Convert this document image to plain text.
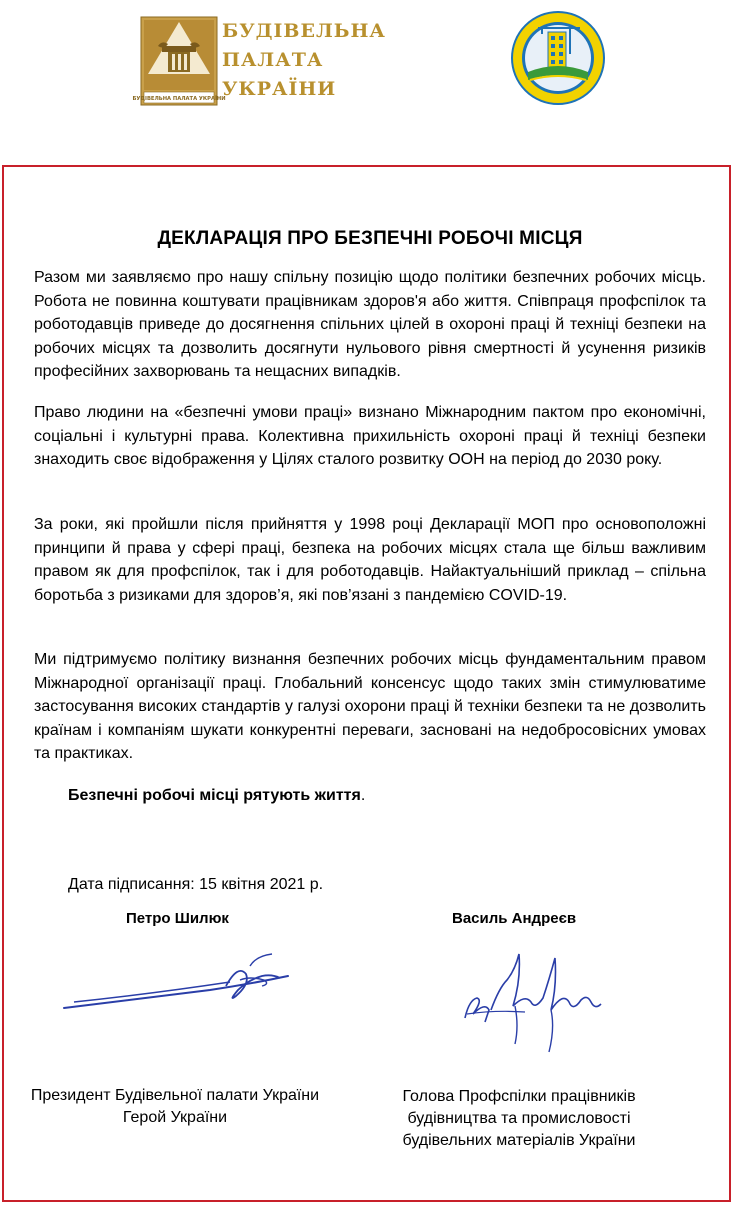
БУДІВЕЛЬНА ПАЛАТА УКРАЇНИ
БУДІВЕЛЬНА
ПАЛАТА
УКРАЇНИ
ДЕКЛАРАЦІЯ ПРО БЕЗПЕЧНІ РОБОЧІ МІСЦЯ

Разом ми заявляємо про нашу спільну позицію щодо політики безпечних робочих місць. Робота не повинна коштувати працівникам здоров'я або життя. Співпраця профспілок та роботодавців приведе до досягнення спільних цілей в охороні праці й техніці безпеки на робочих місцях та дозволить досягнути нульового рівня смертності й усунення ризиків професійних захворювань та нещасних випадків.

Право людини на «безпечні умови праці» визнано Міжнародним пактом про економічні, соціальні і культурні права. Колективна прихильність охороні праці й техніці безпеки знаходить своє відображення у Цілях сталого розвитку ООН на період до 2030 року.

За роки, які пройшли після прийняття у 1998 році Декларації МОП про основоположні принципи й права у сфері праці, безпека на робочих місцях стала ще більш важливим правом як для профспілок, так і для роботодавців. Найактуальніший приклад – спільна боротьба з ризиками для здоров’я, які пов’язані з пандемією COVID-19.

Ми підтримуємо політику визнання безпечних робочих місць фундаментальним правом Міжнародної організації праці. Глобальний консенсус щодо таких змін стимулюватиме застосування високих стандартів у галузі охорони праці й техніки безпеки та не дозволить країнам і компаніям шукати конкурентні переваги, засновані на недобросовісних умовах та практиках.

Безпечні робочі місці рятують життя.
Дата підписання: 15 квітня 2021 р.
Петро Шилюк	Василь Андреєв
Президент Будівельної палати України
Герой України
Голова Профспілки працівників
будівництва та промисловості
будівельних матеріалів України
